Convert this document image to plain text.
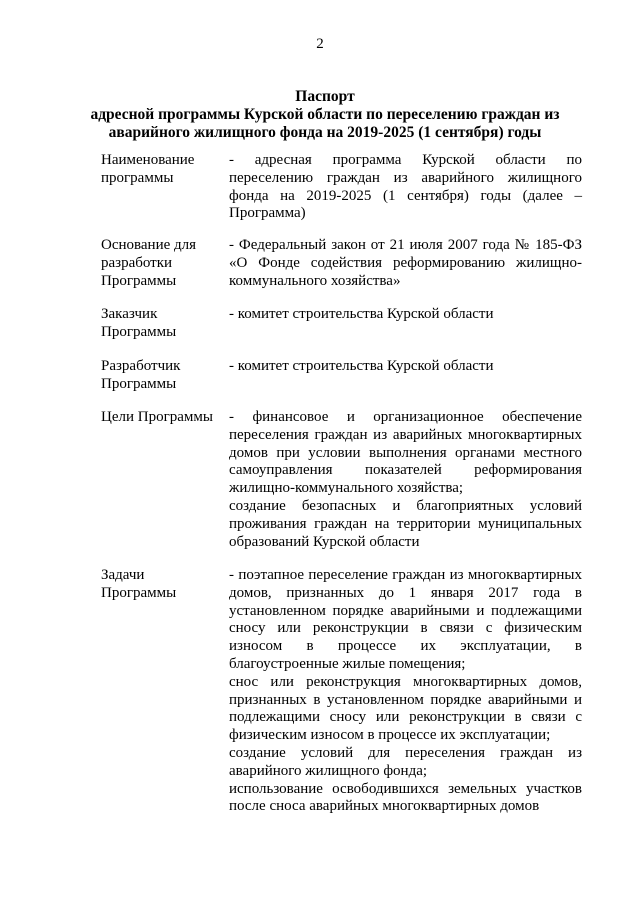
2
Паспорт
адресной программы Курской области по переселению граждан из
аварийного жилищного фонда на 2019-2025 (1 сентября) годы
Наименование программы

- адресная программа Курской области по переселению граждан из аварийного жилищного фонда на 2019-2025 (1 сентября) годы (далее – Программа)

Основание для разработки Программы

- Федеральный закон от 21 июля 2007 года № 185-ФЗ «О Фонде содействия реформированию жилищно-коммунального хозяйства»

Заказчик Программы

- комитет строительства Курской области

Разработчик Программы

- комитет строительства Курской области

Цели Программы	- финансовое и организационное обеспечение переселения граждан из аварийных многоквартирных домов при условии выполнения органами местного самоуправления показателей реформирования жилищно-коммунального хозяйства;

создание безопасных и благоприятных условий проживания граждан на территории муниципальных образований Курской области

Задачи Программы

- поэтапное переселение граждан из многоквартирных домов, признанных до 1 января 2017 года в установленном порядке аварийными и подлежащими сносу или реконструкции в связи с физическим износом в процессе их эксплуатации, в благоустроенные жилые помещения;

снос или реконструкция многоквартирных домов, признанных в установленном порядке аварийными и подлежащими сносу или реконструкции в связи с физическим износом в процессе их эксплуатации;

создание условий для переселения граждан из аварийного жилищного фонда;

использование освободившихся земельных участков после сноса аварийных многоквартирных домов
